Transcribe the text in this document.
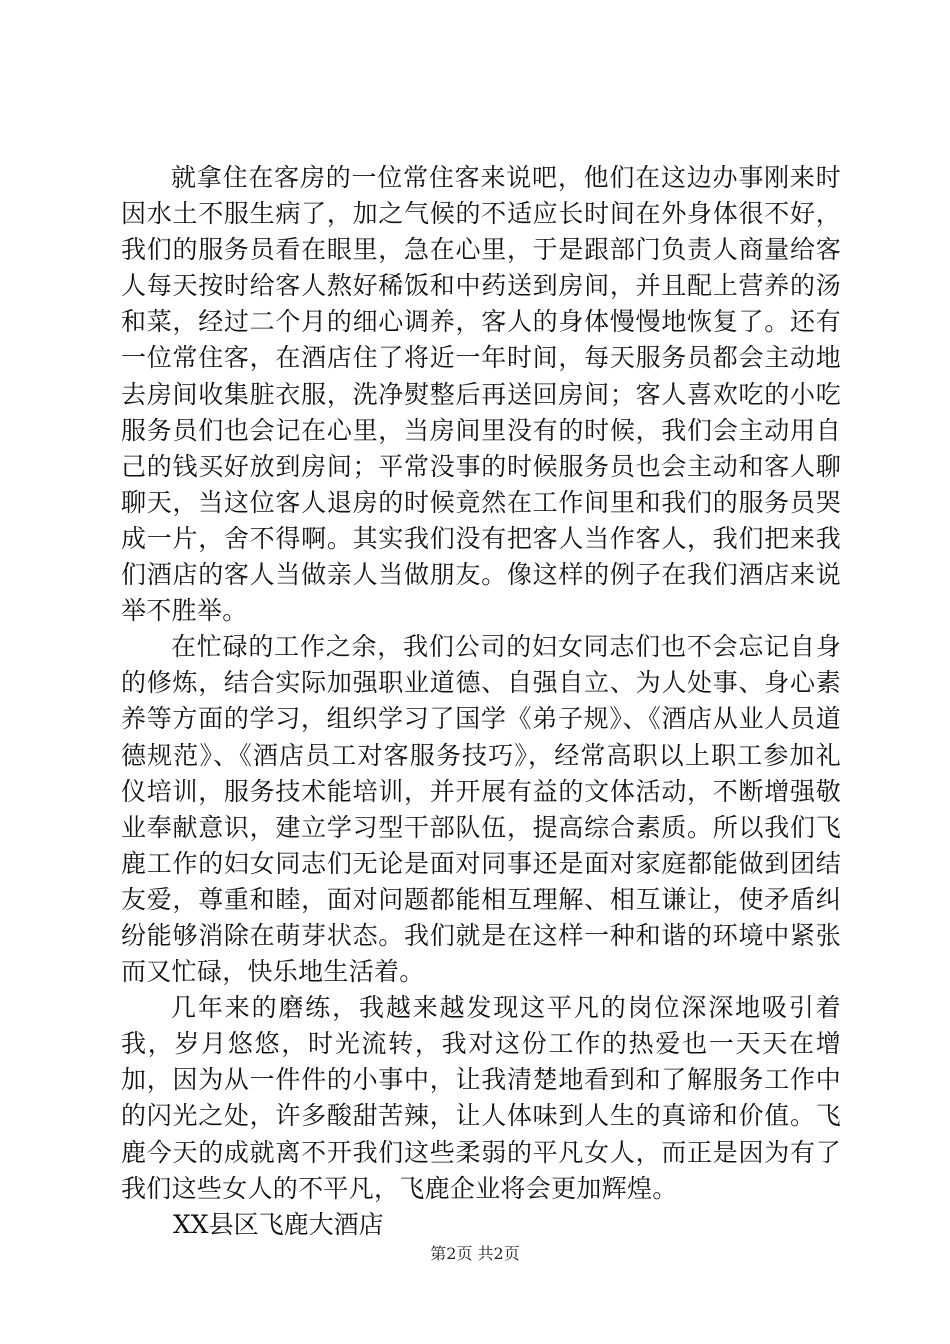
就拿住在客房的一位常住客来说吧，他们在这边办事刚来时因水土不服生病了，加之气候的不适应长时间在外身体很不好，我们的服务员看在眼里，急在心里，于是跟部门负责人商量给客人每天按时给客人熬好稀饭和中药送到房间，并且配上营养的汤和菜，经过二个月的细心调养，客人的身体慢慢地恢复了。还有一位常住客，在酒店住了将近一年时间，每天服务员都会主动地去房间收集脏衣服，洗净熨整后再送回房间；客人喜欢吃的小吃服务员们也会记在心里，当房间里没有的时候，我们会主动用自己的钱买好放到房间；平常没事的时候服务员也会主动和客人聊聊天，当这位客人退房的时候竟然在工作间里和我们的服务员哭成一片，舍不得啊。其实我们没有把客人当作客人，我们把来我们酒店的客人当做亲人当做朋友。像这样的例子在我们酒店来说举不胜举。

在忙碌的工作之余，我们公司的妇女同志们也不会忘记自身的修炼，结合实际加强职业道德、自强自立、为人处事、身心素养等方面的学习，组织学习了国学《弟子规》、《酒店从业人员道德规范》、《酒店员工对客服务技巧》，经常高职以上职工参加礼仪培训，服务技术能培训，并开展有益的文体活动，不断增强敬业奉献意识，建立学习型干部队伍，提高综合素质。所以我们飞鹿工作的妇女同志们无论是面对同事还是面对家庭都能做到团结友爱，尊重和睦，面对问题都能相互理解、相互谦让，使矛盾纠纷能够消除在萌芽状态。我们就是在这样一种和谐的环境中紧张而又忙碌，快乐地生活着。

几年来的磨练，我越来越发现这平凡的岗位深深地吸引着我，岁月悠悠，时光流转，我对这份工作的热爱也一天天在增加，因为从一件件的小事中，让我清楚地看到和了解服务工作中的闪光之处，许多酸甜苦辣，让人体味到人生的真谛和价值。飞鹿今天的成就离不开我们这些柔弱的平凡女人，而正是因为有了我们这些女人的不平凡，飞鹿企业将会更加辉煌。

XX县区飞鹿大酒店

第2页 共2页
